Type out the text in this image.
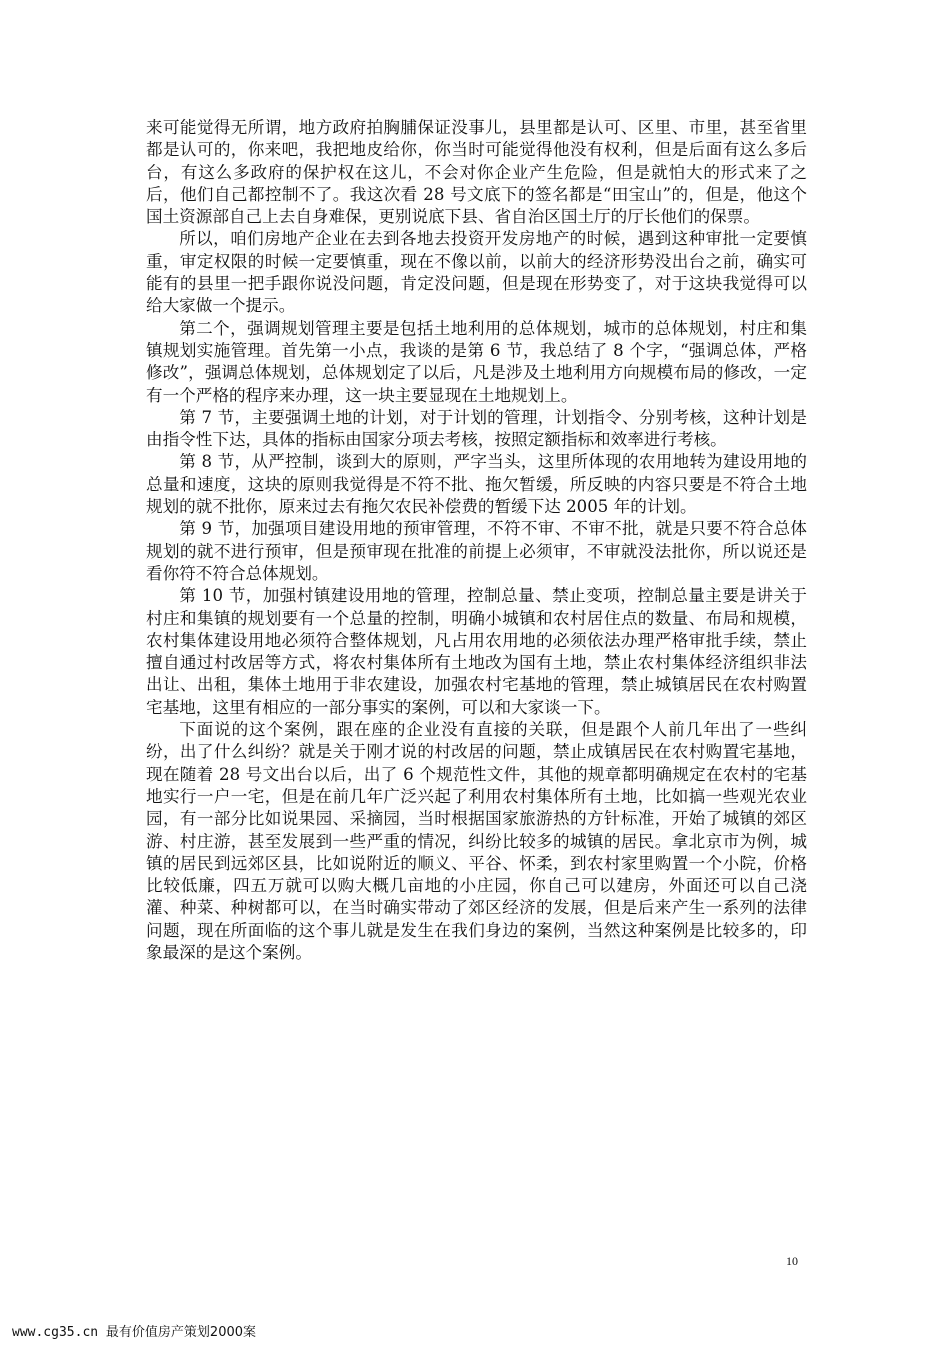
来可能觉得无所谓，地方政府拍胸脯保证没事儿，县里都是认可、区里、市里，甚至省里都是认可的，你来吧，我把地皮给你，你当时可能觉得他没有权利，但是后面有这么多后台，有这么多政府的保护权在这儿，不会对你企业产生危险，但是就怕大的形式来了之后，他们自己都控制不了。我这次看 28 号文底下的签名都是“田宝山”的，但是，他这个国土资源部自己上去自身难保，更别说底下县、省自治区国土厅的厅长他们的保票。

所以，咱们房地产企业在去到各地去投资开发房地产的时候，遇到这种审批一定要慎重，审定权限的时候一定要慎重，现在不像以前，以前大的经济形势没出台之前，确实可能有的县里一把手跟你说没问题，肯定没问题，但是现在形势变了，对于这块我觉得可以给大家做一个提示。

第二个，强调规划管理主要是包括土地利用的总体规划，城市的总体规划，村庄和集镇规划实施管理。首先第一小点，我谈的是第 6 节，我总结了 8 个字，“强调总体，严格修改”，强调总体规划，总体规划定了以后，凡是涉及土地利用方向规模布局的修改，一定有一个严格的程序来办理，这一块主要显现在土地规划上。

第 7 节，主要强调土地的计划，对于计划的管理，计划指令、分别考核，这种计划是由指令性下达，具体的指标由国家分项去考核，按照定额指标和效率进行考核。

第 8 节，从严控制，谈到大的原则，严字当头，这里所体现的农用地转为建设用地的总量和速度，这块的原则我觉得是不符不批、拖欠暂缓，所反映的内容只要是不符合土地规划的就不批你，原来过去有拖欠农民补偿费的暂缓下达 2005 年的计划。

第 9 节，加强项目建设用地的预审管理，不符不审、不审不批，就是只要不符合总体规划的就不进行预审，但是预审现在批准的前提上必须审，不审就没法批你，所以说还是看你符不符合总体规划。

第 10 节，加强村镇建设用地的管理，控制总量、禁止变项，控制总量主要是讲关于村庄和集镇的规划要有一个总量的控制，明确小城镇和农村居住点的数量、布局和规模，农村集体建设用地必须符合整体规划，凡占用农用地的必须依法办理严格审批手续，禁止擅自通过村改居等方式，将农村集体所有土地改为国有土地，禁止农村集体经济组织非法出让、出租，集体土地用于非农建设，加强农村宅基地的管理，禁止城镇居民在农村购置宅基地，这里有相应的一部分事实的案例，可以和大家谈一下。

下面说的这个案例，跟在座的企业没有直接的关联，但是跟个人前几年出了一些纠纷，出了什么纠纷？就是关于刚才说的村改居的问题，禁止成镇居民在农村购置宅基地，现在随着 28 号文出台以后，出了 6 个规范性文件，其他的规章都明确规定在农村的宅基地实行一户一宅，但是在前几年广泛兴起了利用农村集体所有土地，比如搞一些观光农业园，有一部分比如说果园、采摘园，当时根据国家旅游热的方针标准，开始了城镇的郊区游、村庄游，甚至发展到一些严重的情况，纠纷比较多的城镇的居民。拿北京市为例，城镇的居民到远郊区县，比如说附近的顺义、平谷、怀柔，到农村家里购置一个小院，价格比较低廉，四五万就可以购大概几亩地的小庄园，你自己可以建房，外面还可以自己浇灌、种菜、种树都可以，在当时确实带动了郊区经济的发展，但是后来产生一系列的法律问题，现在所面临的这个事儿就是发生在我们身边的案例，当然这种案例是比较多的，印象最深的是这个案例。

10
www.cg35.cn 最有价值房产策划2000案
